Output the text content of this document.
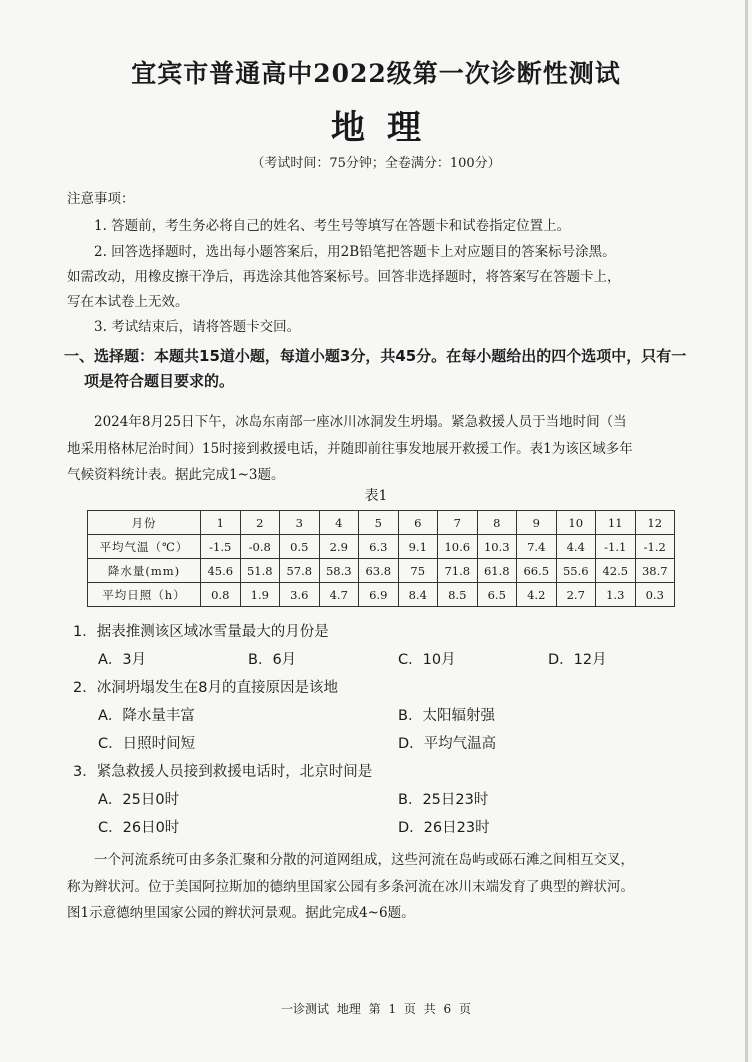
宜宾市普通高中2022级第一次诊断性测试
地理
（考试时间：75分钟；全卷满分：100分）
注意事项：
1. 答题前，考生务必将自己的姓名、考生号等填写在答题卡和试卷指定位置上。
2. 回答选择题时，选出每小题答案后，用2B铅笔把答题卡上对应题目的答案标号涂黑。
如需改动，用橡皮擦干净后，再选涂其他答案标号。回答非选择题时，将答案写在答题卡上，
写在本试卷上无效。
3. 考试结束后，请将答题卡交回。
一、选择题：本题共15道小题，每道小题3分，共45分。在每小题给出的四个选项中，只有一
项是符合题目要求的。
2024年8月25日下午，冰岛东南部一座冰川冰洞发生坍塌。紧急救援人员于当地时间（当
地采用格林尼治时间）15时接到救援电话，并随即前往事发地展开救援工作。表1为该区域多年
气候资料统计表。据此完成1~3题。
表1
月份	1	2	3	4	5	6	7	8	9	10	11	12
平均气温（℃）	-1.5	-0.8	0.5	2.9	6.3	9.1	10.6	10.3	7.4	4.4	-1.1	-1.2
降水量(mm)	45.6	51.8	57.8	58.3	63.8	75	71.8	61.8	66.5	55.6	42.5	38.7
平均日照（h）	0.8	1.9	3.6	4.7	6.9	8.4	8.5	6.5	4.2	2.7	1.3	0.3
1．据表推测该区域冰雪量最大的月份是
A．3月	B．6月	C．10月	D．12月
2．冰洞坍塌发生在8月的直接原因是该地
A．降水量丰富	B．太阳辐射强
C．日照时间短	D．平均气温高
3．紧急救援人员接到救援电话时，北京时间是
A．25日0时	B．25日23时
C．26日0时	D．26日23时
一个河流系统可由多条汇聚和分散的河道网组成，这些河流在岛屿或砾石滩之间相互交叉，
称为辫状河。位于美国阿拉斯加的德纳里国家公园有多条河流在冰川末端发育了典型的辫状河。
图1示意德纳里国家公园的辫状河景观。据此完成4~6题。
一诊测试 地理 第 1 页 共 6 页
